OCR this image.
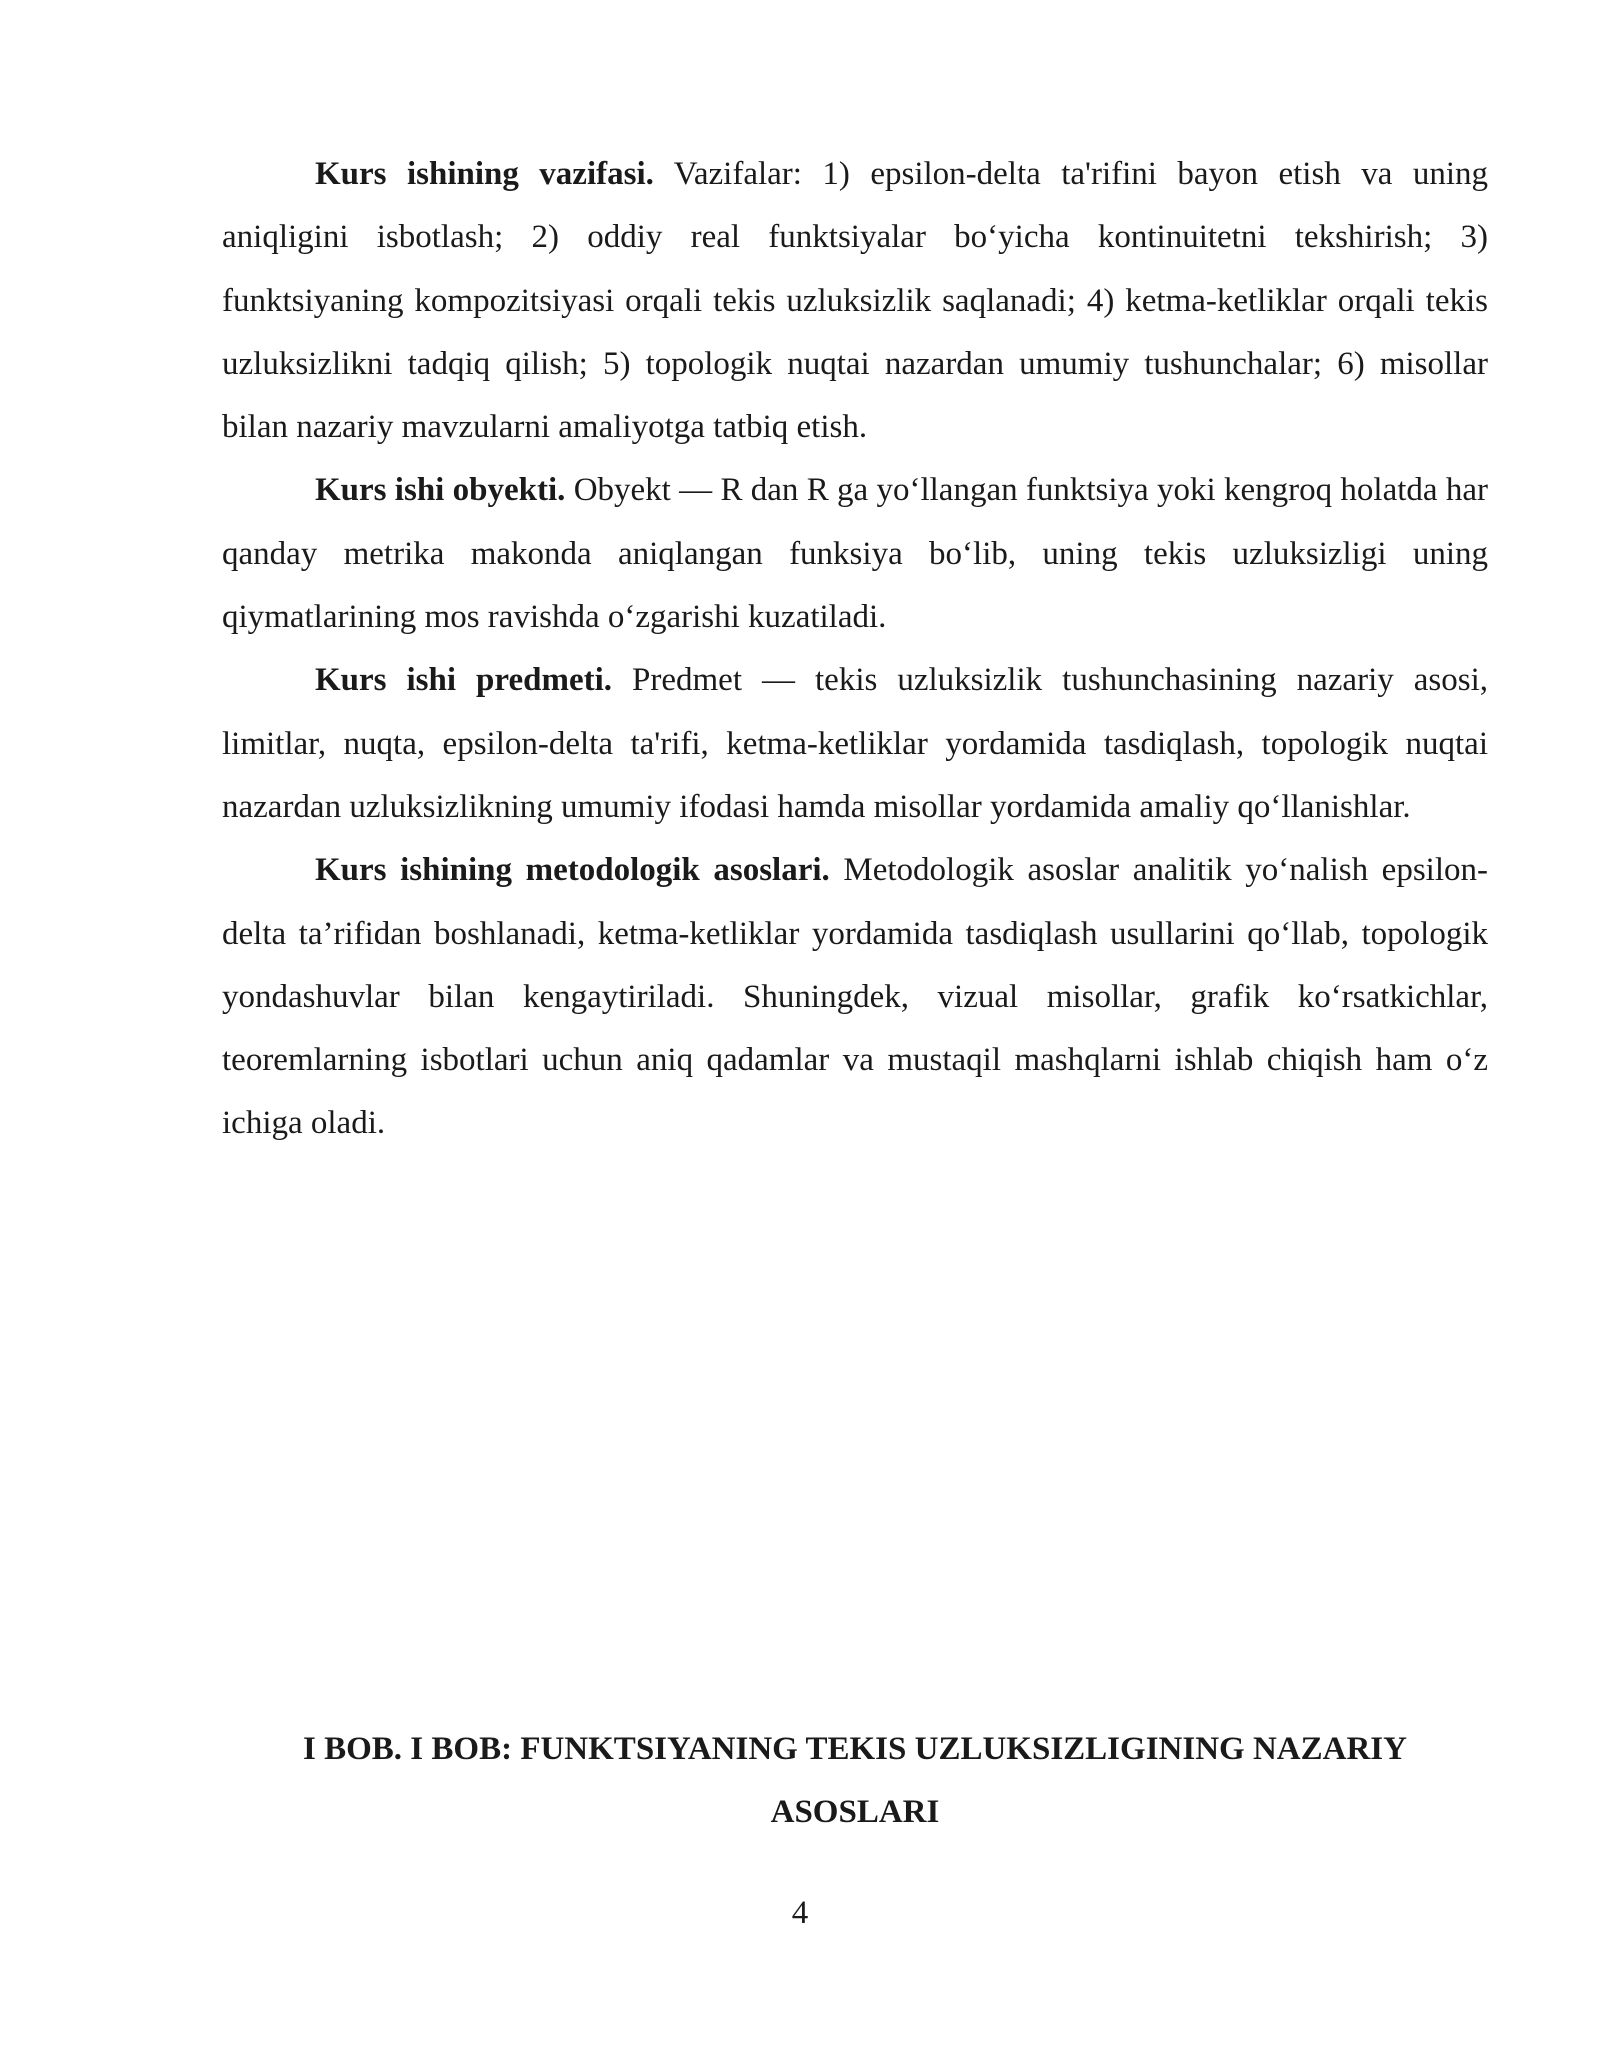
Kurs ishining vazifasi. Vazifalar: 1) epsilon-delta ta'rifini bayon etish va uning aniqligini isbotlash; 2) oddiy real funktsiyalar bo‘yicha kontinuitetni tekshirish; 3) funktsiyaning kompozitsiyasi orqali tekis uzluksizlik saqlanadi; 4) ketma-ketliklar orqali tekis uzluksizlikni tadqiq qilish; 5) topologik nuqtai nazardan umumiy tushunchalar; 6) misollar bilan nazariy mavzularni amaliyotga tatbiq etish.

Kurs ishi obyekti. Obyekt — R dan R ga yo‘llangan funktsiya yoki kengroq holatda har qanday metrika makonda aniqlangan funksiya bo‘lib, uning tekis uzluksizligi uning qiymatlarining mos ravishda o‘zgarishi kuzatiladi.

Kurs ishi predmeti. Predmet — tekis uzluksizlik tushunchasining nazariy asosi, limitlar, nuqta, epsilon-delta ta'rifi, ketma-ketliklar yordamida tasdiqlash, topologik nuqtai nazardan uzluksizlikning umumiy ifodasi hamda misollar yordamida amaliy qo‘llanishlar.

Kurs ishining metodologik asoslari. Metodologik asoslar analitik yo‘nalish epsilon-delta ta’rifidan boshlanadi, ketma-ketliklar yordamida tasdiqlash usullarini qo‘llab, topologik yondashuvlar bilan kengaytiriladi. Shuningdek, vizual misollar, grafik ko‘rsatkichlar, teoremlarning isbotlari uchun aniq qadamlar va mustaqil mashqlarni ishlab chiqish ham o‘z ichiga oladi.

I BOB. I BOB: FUNKTSIYANING TEKIS UZLUKSIZLIGINING NAZARIY
ASOSLARI
4
